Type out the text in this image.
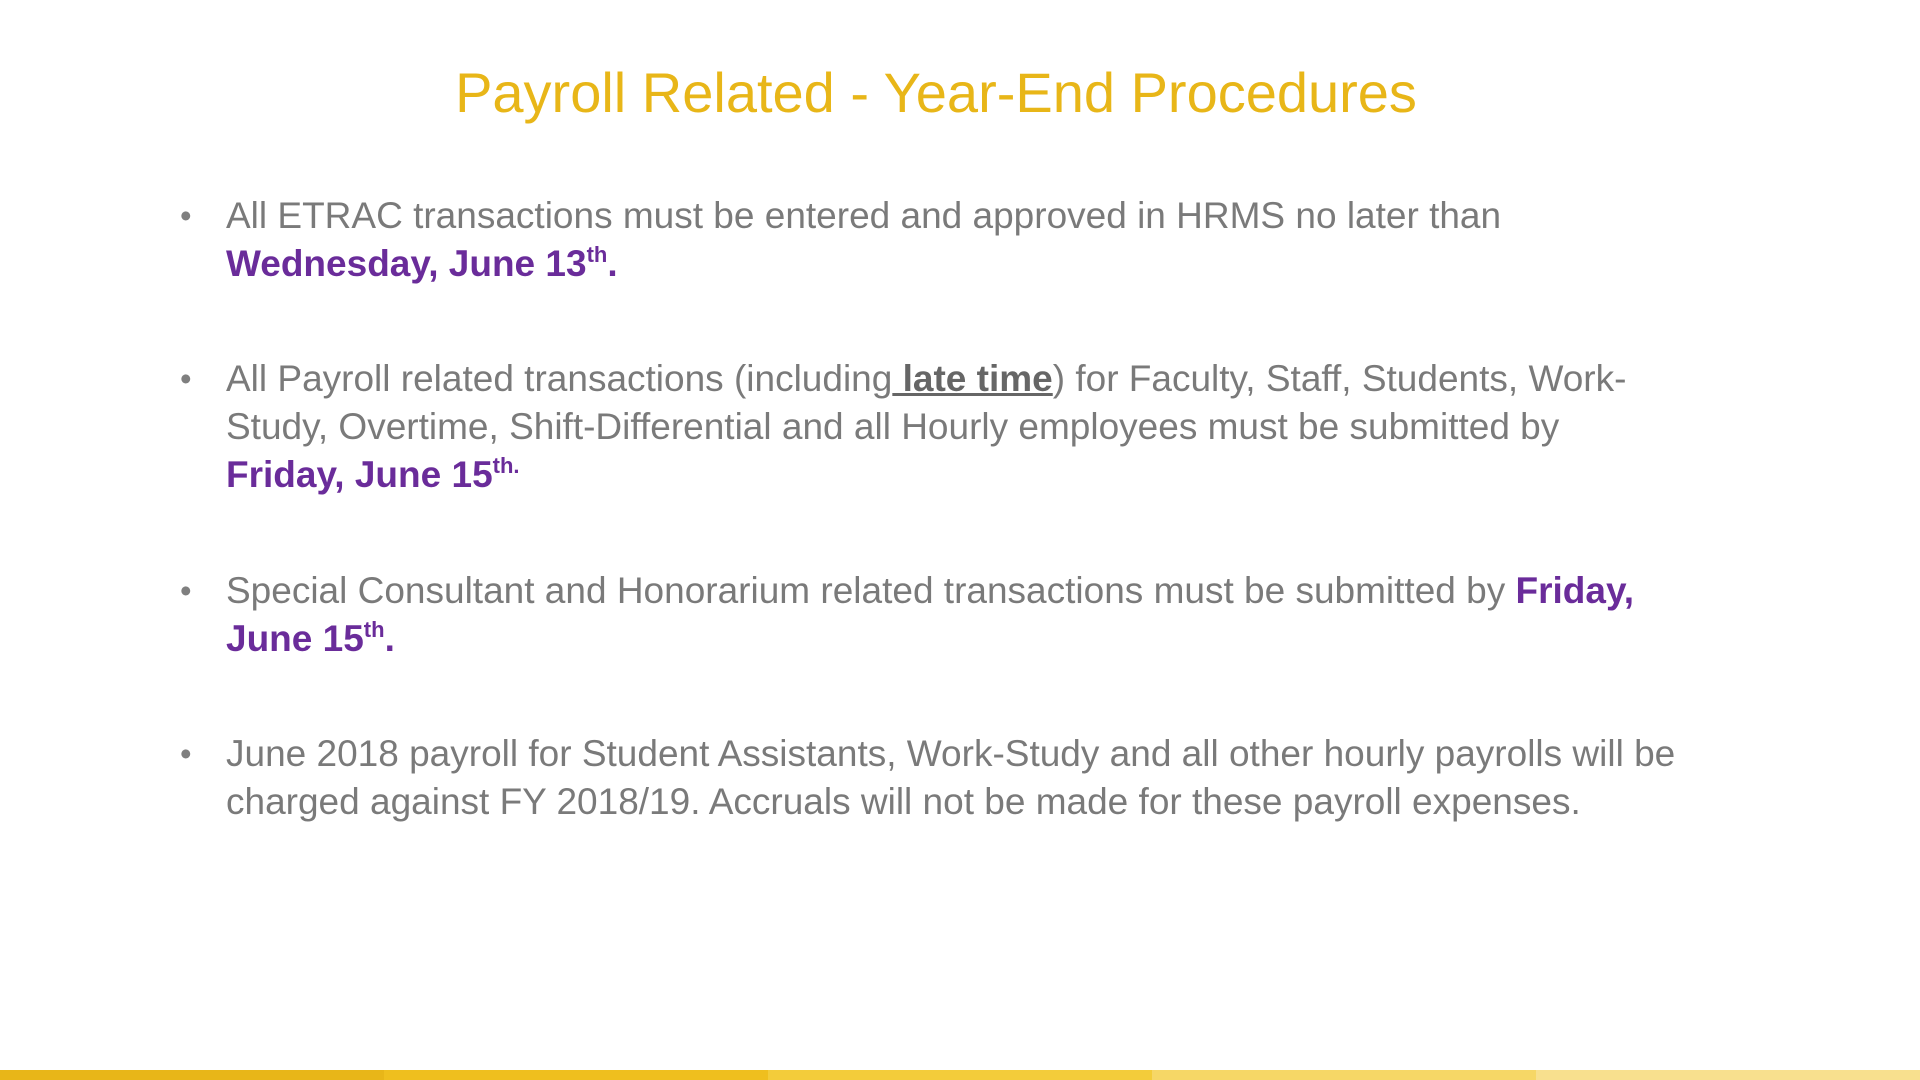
Payroll Related - Year-End Procedures
• All ETRAC transactions must be entered and approved in HRMS no later than Wednesday, June 13th.
• All Payroll related transactions (including late time) for Faculty, Staff, Students, Work-Study, Overtime, Shift-Differential and all Hourly employees must be submitted by Friday, June $15^{th.}$
• Special Consultant and Honorarium related transactions must be submitted by Friday, June 15th.
• June 2018 payroll for Student Assistants, Work-Study and all other hourly payrolls will be charged against FY 2018/19. Accruals will not be made for these payroll expenses.
